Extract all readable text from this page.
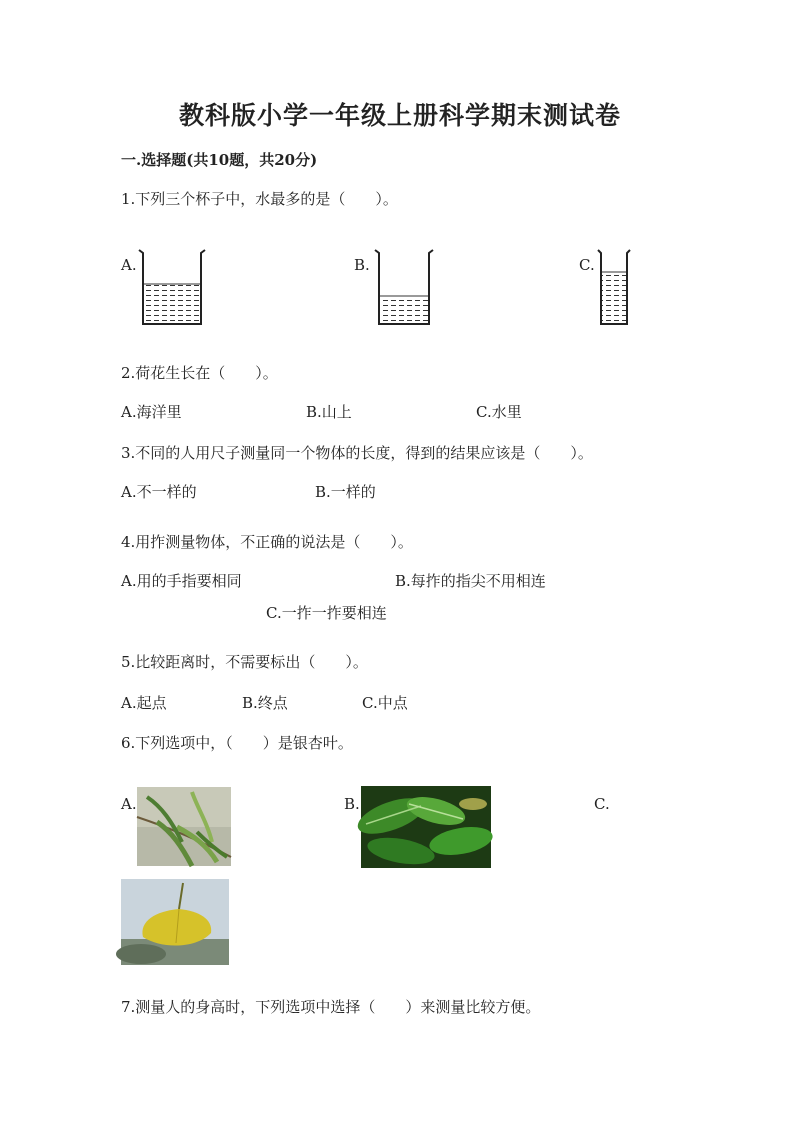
教科版小学一年级上册科学期末测试卷
一.选择题(共10题，共20分)
1.下列三个杯子中，水最多的是（　　）。
A.	B.	C.
2.荷花生长在（　　）。
A.海洋里	B.山上	C.水里
3.不同的人用尺子测量同一个物体的长度，得到的结果应该是（　　）。
A.不一样的	B.一样的
4.用拃测量物体，不正确的说法是（　　）。
A.用的手指要相同	B.每拃的指尖不用相连
C.一拃一拃要相连
5.比较距离时，不需要标出（　　）。
A.起点	B.终点	C.中点
6.下列选项中，（　　）是银杏叶。
A.	B.	C.
7.测量人的身高时，下列选项中选择（　　）来测量比较方便。
